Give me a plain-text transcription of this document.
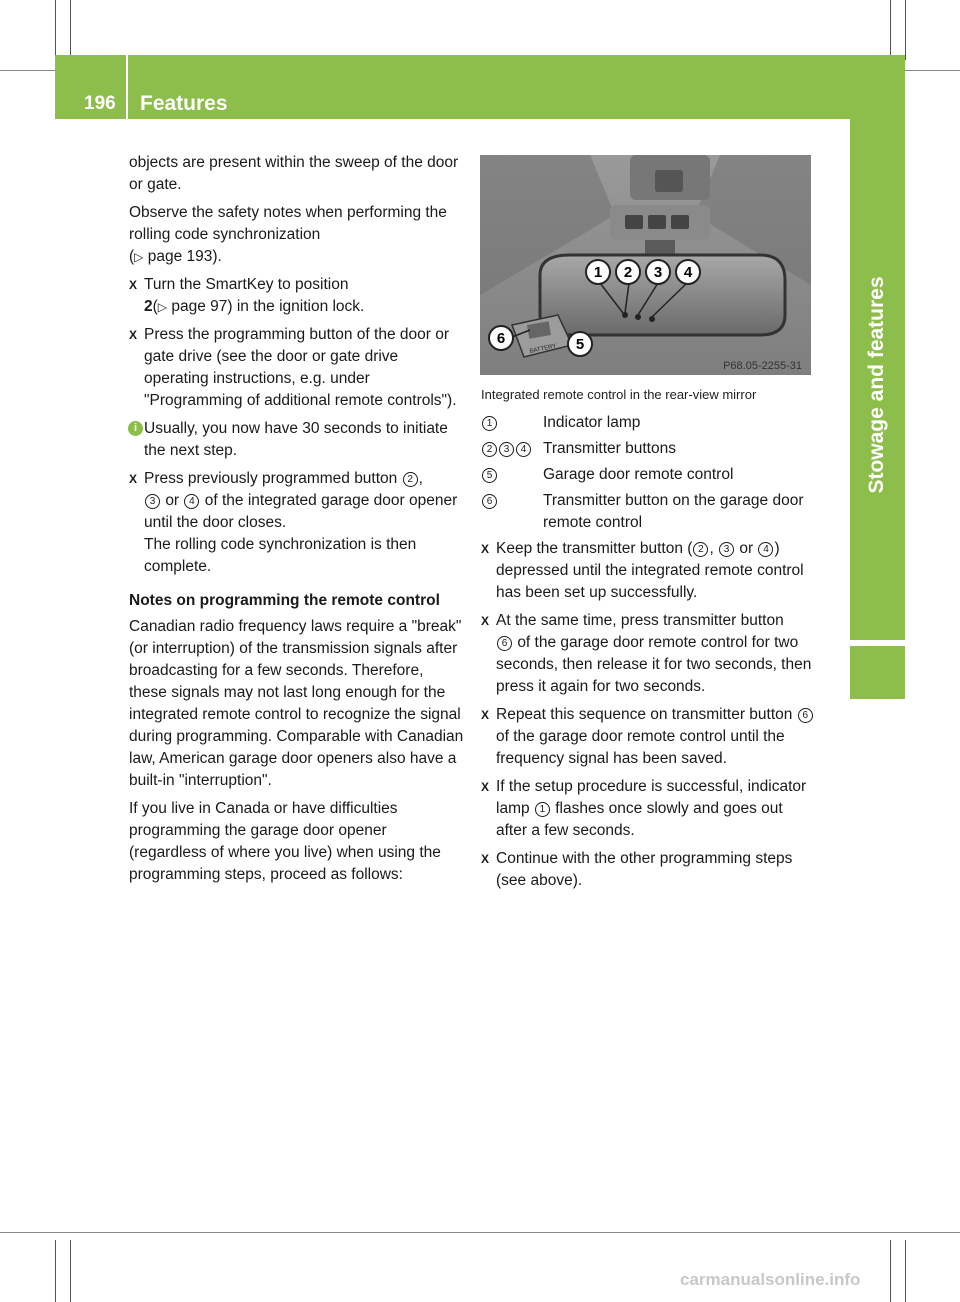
196 Features
Stowage and features

objects are present within the sweep of the door or gate.

Observe the safety notes when performing the rolling code synchronization
(▷ page 193).

X Turn the SmartKey to position
2(▷ page 97) in the ignition lock.
X Press the programming button of the door or gate drive (see the door or gate drive operating instructions, e.g. under "Programming of additional remote controls").
i Usually, you now have 30 seconds to initiate the next step.
X Press previously programmed button 2 ,
3 or 4 of the integrated garage door opener until the door closes.
The rolling code synchronization is then complete.
Notes on programming the remote control

Canadian radio frequency laws require a "break" (or interruption) of the transmission signals after broadcasting for a few seconds. Therefore, these signals may not last long enough for the integrated remote control to recognize the signal during programming. Comparable with Canadian law, American garage door openers also have a built-in "interruption".

If you live in Canada or have difficulties programming the garage door opener (regardless of where you live) when using the programming steps, proceed as follows:

1 2 3 4
BATTERY
6	5
P68.05-2255-31
Integrated remote control in the rear-view mirror
1	Indicator lamp
2 3 4	Transmitter buttons
5	Garage door remote control
6	Transmitter button on the garage door remote control
X Keep the transmitter button ( 2 , 3 or 4 ) depressed until the integrated remote control has been set up successfully.
X At the same time, press transmitter button
6 of the garage door remote control for two seconds, then release it for two seconds, then press it again for two seconds.
X Repeat this sequence on transmitter button 6 of the garage door remote control until the frequency signal has been saved.
X If the setup procedure is successful, indicator lamp 1 flashes once slowly and goes out after a few seconds.
X Continue with the other programming steps (see above).
carmanualsonline.info
